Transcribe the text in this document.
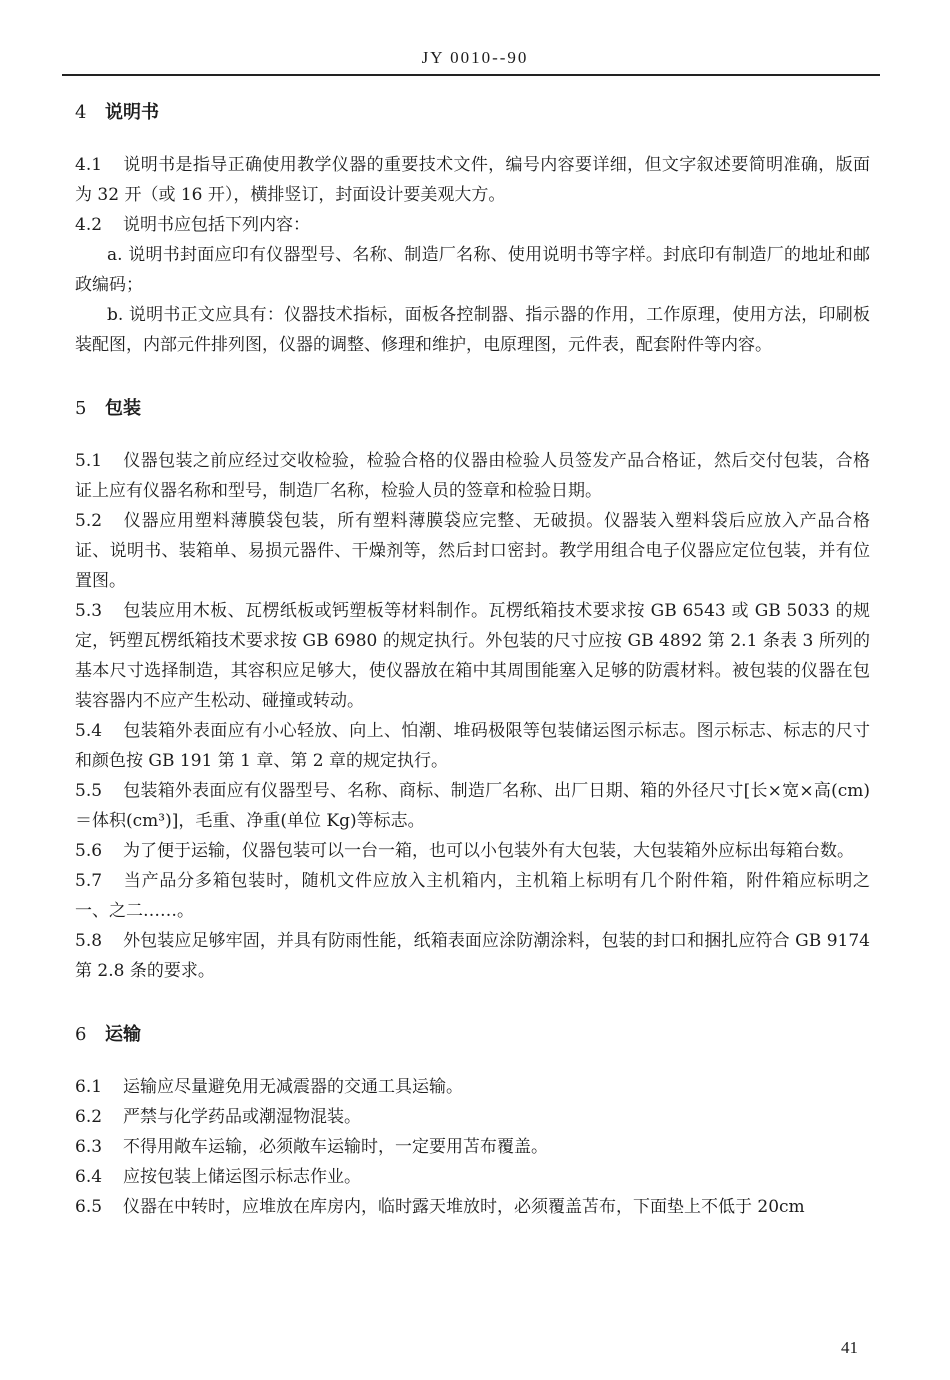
JY 0010--90

4 说明书

4.1 说明书是指导正确使用教学仪器的重要技术文件，编号内容要详细，但文字叙述要简明准确，版面为 32 开（或 16 开），横排竖订，封面设计要美观大方。

4.2 说明书应包括下列内容：

a. 说明书封面应印有仪器型号、名称、制造厂名称、使用说明书等字样。封底印有制造厂的地址和邮政编码；

b. 说明书正文应具有：仪器技术指标，面板各控制器、指示器的作用，工作原理，使用方法，印刷板装配图，内部元件排列图，仪器的调整、修理和维护，电原理图，元件表，配套附件等内容。

5 包装

5.1 仪器包装之前应经过交收检验，检验合格的仪器由检验人员签发产品合格证，然后交付包装，合格证上应有仪器名称和型号，制造厂名称，检验人员的签章和检验日期。

5.2 仪器应用塑料薄膜袋包装，所有塑料薄膜袋应完整、无破损。仪器装入塑料袋后应放入产品合格证、说明书、装箱单、易损元器件、干燥剂等，然后封口密封。教学用组合电子仪器应定位包装，并有位置图。

5.3 包装应用木板、瓦楞纸板或钙塑板等材料制作。瓦楞纸箱技术要求按 GB 6543 或 GB 5033 的规定，钙塑瓦楞纸箱技术要求按 GB 6980 的规定执行。外包装的尺寸应按 GB 4892 第 2.1 条表 3 所列的基本尺寸选择制造，其容积应足够大，使仪器放在箱中其周围能塞入足够的防震材料。被包装的仪器在包装容器内不应产生松动、碰撞或转动。

5.4 包装箱外表面应有小心轻放、向上、怕潮、堆码极限等包装储运图示标志。图示标志、标志的尺寸和颜色按 GB 191 第 1 章、第 2 章的规定执行。

5.5 包装箱外表面应有仪器型号、名称、商标、制造厂名称、出厂日期、箱的外径尺寸[长×宽×高(cm)＝体积(cm³)]，毛重、净重(单位 Kg)等标志。

5.6 为了便于运输，仪器包装可以一台一箱，也可以小包装外有大包装，大包装箱外应标出每箱台数。

5.7 当产品分多箱包装时，随机文件应放入主机箱内，主机箱上标明有几个附件箱，附件箱应标明之一、之二……。

5.8 外包装应足够牢固，并具有防雨性能，纸箱表面应涂防潮涂料，包装的封口和捆扎应符合 GB 9174 第 2.8 条的要求。

6 运输

6.1 运输应尽量避免用无减震器的交通工具运输。

6.2 严禁与化学药品或潮湿物混装。

6.3 不得用敞车运输，必须敞车运输时，一定要用苫布覆盖。

6.4 应按包装上储运图示标志作业。

6.5 仪器在中转时，应堆放在库房内，临时露天堆放时，必须覆盖苫布，下面垫上不低于 20cm

41
